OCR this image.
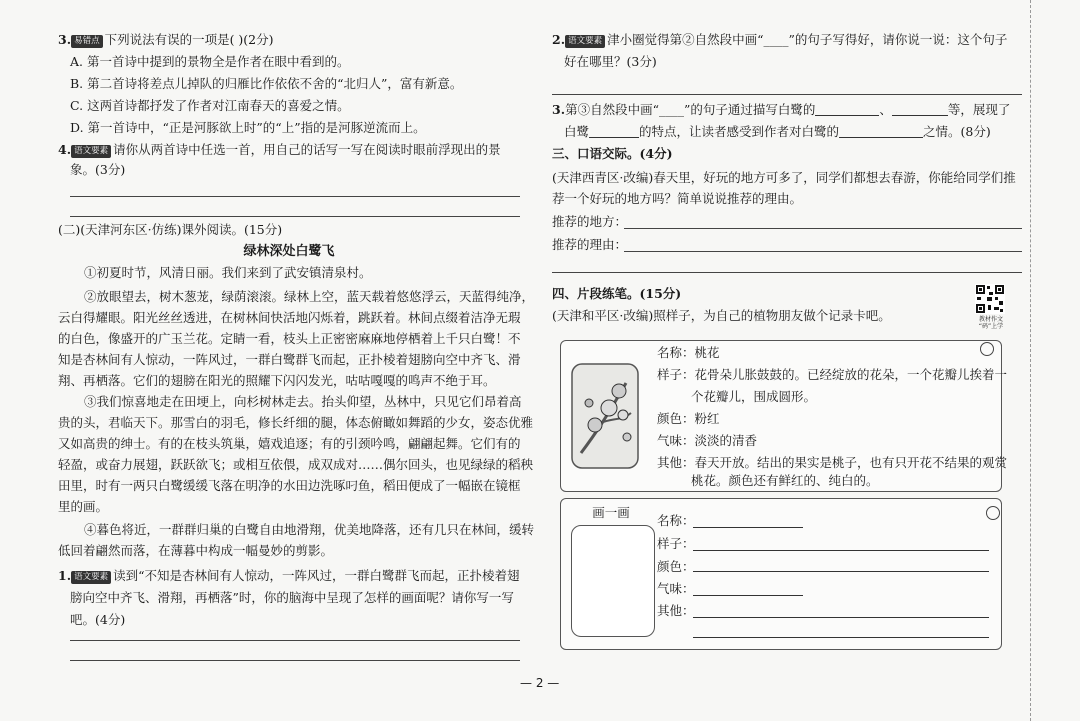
3. 易错点 下列说法有误的一项是( )(2分)
A. 第一首诗中提到的景物全是作者在眼中看到的。
B. 第二首诗将差点儿掉队的归雁比作依依不舍的“北归人”，富有新意。
C. 这两首诗都抒发了作者对江南春天的喜爱之情。
D. 第一首诗中，“正是河豚欲上时”的“上”指的是河豚逆流而上。
4. 语文要素 请你从两首诗中任选一首，用自己的话写一写在阅读时眼前浮现出的景
象。(3分)
(二)(天津河东区·仿练)课外阅读。(15分)
绿林深处白鹭飞
①初夏时节，风清日丽。我们来到了武安镇清泉村。
②放眼望去，树木葱茏，绿荫滚滚。绿林上空，蓝天载着悠悠浮云，天蓝得纯净，
云白得耀眼。阳光丝丝透进，在树林间快活地闪烁着，跳跃着。林间点缀着洁净无瑕
的白色，像盛开的广玉兰花。定睛一看，枝头上正密密麻麻地停栖着上千只白鹭！不
知是杏林间有人惊动，一阵风过，一群白鹭群飞而起，正扑棱着翅膀向空中齐飞、滑
翔、再栖落。它们的翅膀在阳光的照耀下闪闪发光，咕咕嘎嘎的鸣声不绝于耳。
③我们惊喜地走在田埂上，向杉树林走去。抬头仰望，丛林中，只见它们昂着高
贵的头，君临天下。那雪白的羽毛，修长纤细的腿，体态俯瞰如舞蹈的少女，姿态优雅
又如高贵的绅士。有的在枝头筑巢，嬉戏追逐；有的引颈吟鸣，翩翩起舞。它们有的
轻盈，或奋力展翅，跃跃欲飞；或相互依偎，成双成对……偶尔回头，也见绿绿的稻秧
田里，时有一两只白鹭缓缓飞落在明净的水田边洗啄叼鱼，稻田便成了一幅嵌在镜框
里的画。
④暮色将近，一群群归巢的白鹭自由地滑翔，优美地降落，还有几只在林间，缓转
低回着翩然而落，在薄暮中构成一幅曼妙的剪影。
1. 语文要素 读到“不知是杏林间有人惊动，一阵风过，一群白鹭群飞而起，正扑棱着翅
膀向空中齐飞、滑翔，再栖落”时，你的脑海中呈现了怎样的画面呢？请你写一写
吧。(4分)
2. 语文要素 津小圈觉得第②自然段中画“____”的句子写得好，请你说一说：这个句子
好在哪里？(3分)
3.第③自然段中画“____”的句子通过描写白鹭的	、	等，展现了
白鹭	的特点，让读者感受到作者对白鹭的	之情。(8分)
三、口语交际。(4分)
(天津西青区·改编)春天里，好玩的地方可多了，同学们都想去春游，你能给同学们推
荐一个好玩的地方吗？简单说说推荐的理由。
推荐的地方：
推荐的理由：
四、片段练笔。(15分)
(天津和平区·改编)照样子，为自己的植物朋友做个记录卡吧。	教材作文 “码”上学
名称：桃花
样子：花骨朵儿胀鼓鼓的。已经绽放的花朵，一个花瓣儿挨着一
个花瓣儿，围成圆形。
颜色：粉红
气味：淡淡的清香
其他：春天开放。结出的果实是桃子，也有只开花不结果的观赏
桃花。颜色还有鲜红的、纯白的。
画一画
名称：
样子：
颜色：
气味：
其他：
— 2 —
